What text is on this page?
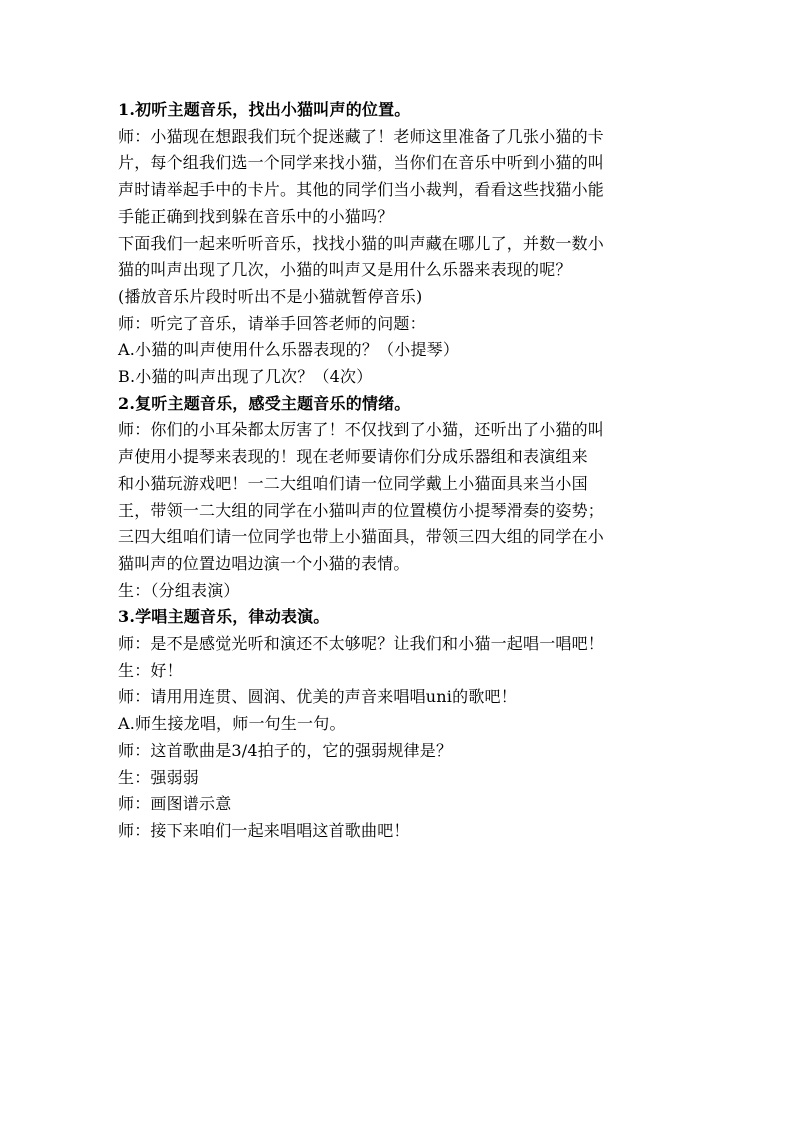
1.初听主题音乐，找出小猫叫声的位置。
师：小猫现在想跟我们玩个捉迷藏了！老师这里准备了几张小猫的卡
片，每个组我们选一个同学来找小猫，当你们在音乐中听到小猫的叫
声时请举起手中的卡片。其他的同学们当小裁判，看看这些找猫小能
手能正确到找到躲在音乐中的小猫吗？
下面我们一起来听听音乐，找找小猫的叫声藏在哪儿了，并数一数小
猫的叫声出现了几次，小猫的叫声又是用什么乐器来表现的呢？
(播放音乐片段时听出不是小猫就暂停音乐)
师：听完了音乐，请举手回答老师的问题：
A.小猫的叫声使用什么乐器表现的？（小提琴）
B.小猫的叫声出现了几次？（4次）
2.复听主题音乐，感受主题音乐的情绪。
师：你们的小耳朵都太厉害了！不仅找到了小猫，还听出了小猫的叫
声使用小提琴来表现的！现在老师要请你们分成乐器组和表演组来
和小猫玩游戏吧！一二大组咱们请一位同学戴上小猫面具来当小国
王，带领一二大组的同学在小猫叫声的位置模仿小提琴滑奏的姿势；
三四大组咱们请一位同学也带上小猫面具，带领三四大组的同学在小
猫叫声的位置边唱边演一个小猫的表情。
生：（分组表演）
3.学唱主题音乐，律动表演。
师：是不是感觉光听和演还不太够呢？让我们和小猫一起唱一唱吧！
生：好！
师：请用用连贯、圆润、优美的声音来唱唱uni的歌吧！
A.师生接龙唱，师一句生一句。
师：这首歌曲是3/4拍子的，它的强弱规律是？
生：强弱弱
师：画图谱示意
师：接下来咱们一起来唱唱这首歌曲吧！
